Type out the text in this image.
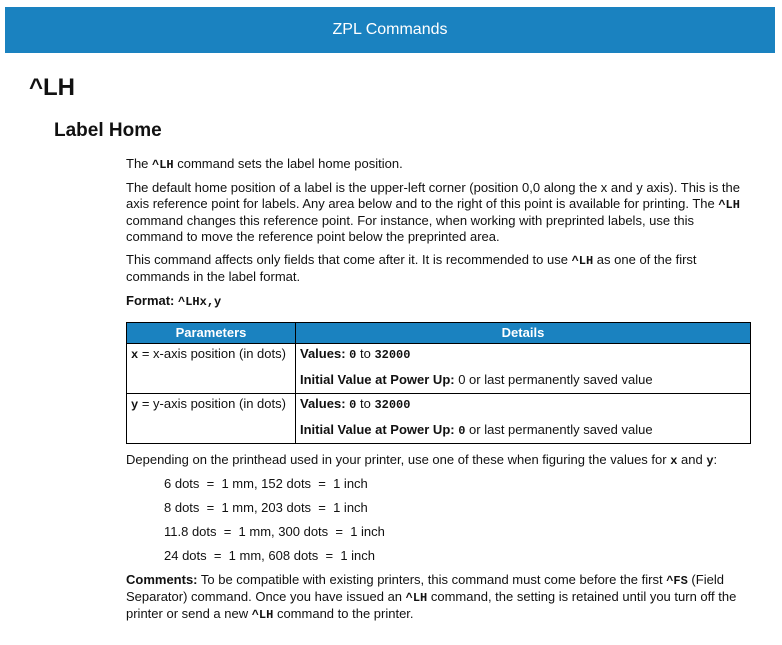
ZPL Commands
^LH
Label Home

The ^LH command sets the label home position.

The default home position of a label is the upper-left corner (position 0,0 along the x and y axis). This is the axis reference point for labels. Any area below and to the right of this point is available for printing. The ^LH command changes this reference point. For instance, when working with preprinted labels, use this command to move the reference point below the preprinted area.

This command affects only fields that come after it. It is recommended to use ^LH as one of the first commands in the label format.

Format: ^LHx,y
Parameters	Details
x = x-axis position (in dots)	Values: 0 to 32000
Initial Value at Power Up: 0 or last permanently saved value

y = y-axis position (in dots)	Values: 0 to 32000
Initial Value at Power Up: 0 or last permanently saved value

Depending on the printhead used in your printer, use one of these when figuring the values for x and y:

6 dots  =  1 mm, 152 dots  =  1 inch
8 dots  =  1 mm, 203 dots  =  1 inch
11.8 dots  =  1 mm, 300 dots  =  1 inch
24 dots  =  1 mm, 608 dots  =  1 inch

Comments: To be compatible with existing printers, this command must come before the first ^FS (Field Separator) command. Once you have issued an ^LH command, the setting is retained until you turn off the printer or send a new ^LH command to the printer.
